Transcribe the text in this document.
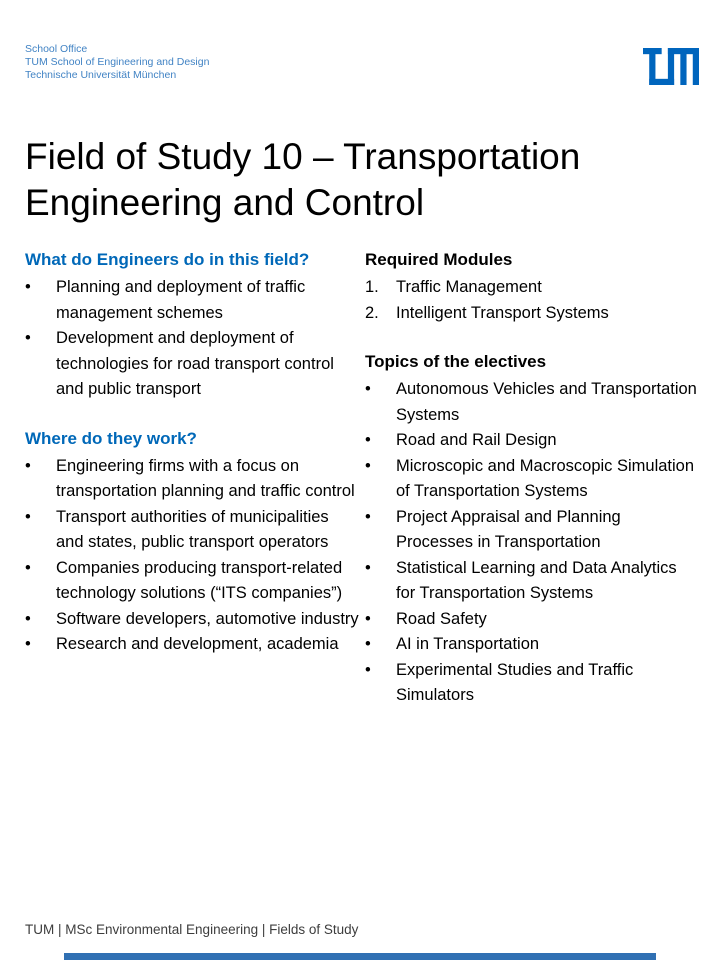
School Office
TUM School of Engineering and Design
Technische Universität München
Field of Study 10 – Transportation Engineering and Control
What do Engineers do in this field?
•	Planning and deployment of traffic management schemes
•	Development and deployment of technologies for road transport control and public transport
Where do they work?
•	Engineering firms with a focus on transportation planning and traffic control
•	Transport authorities of municipalities and states, public transport operators
•	Companies producing transport-related technology solutions (“ITS companies”)
•	Software developers, automotive industry
•	Research and development, academia
Required Modules
1.	Traffic Management
2.	Intelligent Transport Systems
Topics of the electives
•	Autonomous Vehicles and Transportation Systems
•	Road and Rail Design
•	Microscopic and Macroscopic Simulation of Transportation Systems
•	Project Appraisal and Planning Processes in Transportation
•	Statistical Learning and Data Analytics for Transportation Systems
•	Road Safety
•	AI in Transportation
•	Experimental Studies and Traffic Simulators
TUM | MSc Environmental Engineering | Fields of Study
